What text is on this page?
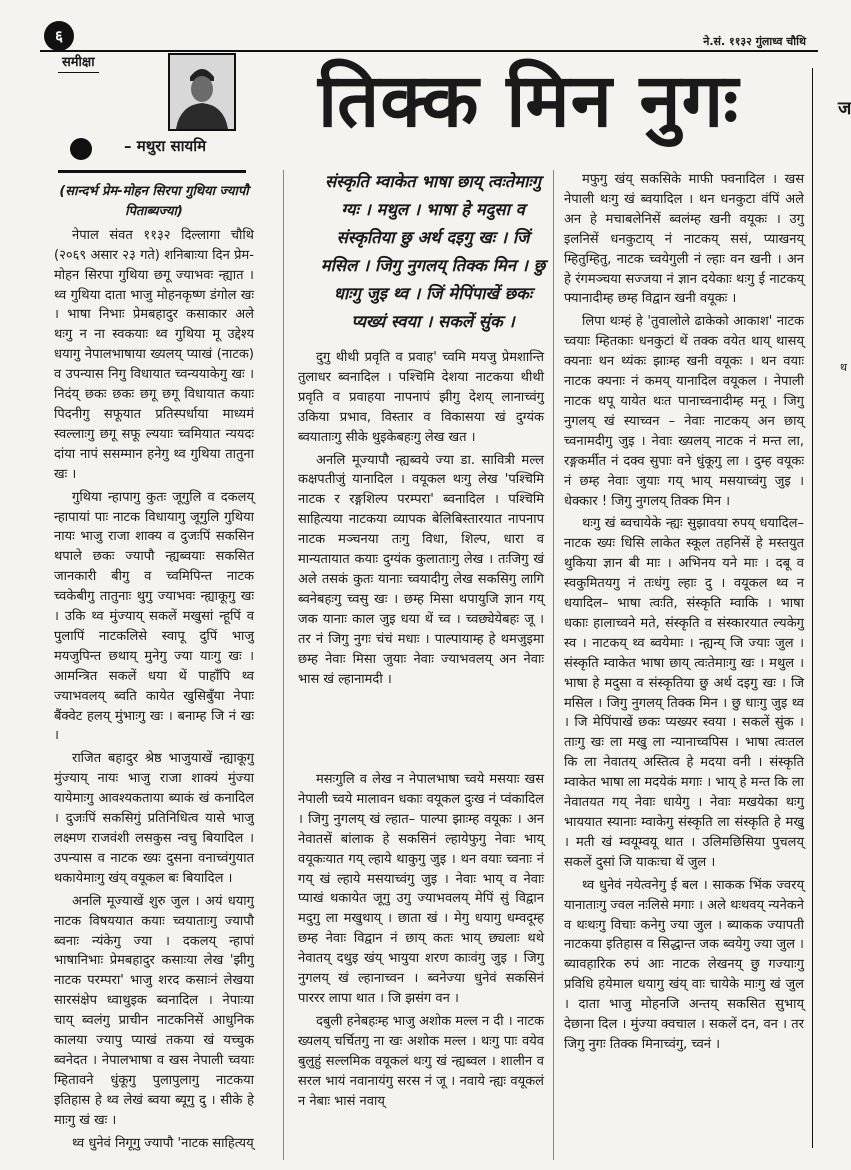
६	ने.सं. ११३२ गुंलाध्व चौथि
समीक्षा
– मथुरा सायमि
तिक्क मिन नुगः	ज
थ
संस्कृति म्वाकेत भाषा छाय् त्वःतेमाःगु ग्यः । मथुल । भाषा हे मदुसा व संस्कृतिया छु अर्थ दइगु खः । जिं मसिल । जिगु नुगलय् तिक्क मिन । छु धाःगु जुइ थ्व । जिं मेपिंपाखें छकः प्यख्यं स्वया । सकलें सुंक ।

(सान्दर्भ प्रेम-मोहन सिरपा गुथिया ज्यापौ पिताब्यज्या)

नेपाल संवत ११३२ दिल्लागा चौथि (२०६९ असार २३ गते) शनिबाःया दिन प्रेम-मोहन सिरपा गुथिया छगू ज्याभवः न्ह्यात । थ्व गुथिया दाता भाजु मोहनकृष्ण डंगोल खः । भाषा निभाः प्रेमबहादुर कसाकार अले थःगु न ना स्वकयाः थ्व गुथिया मू उद्देश्य धयागु नेपालभाषाया ख्यलय् प्याखं (नाटक) व उपन्यास निगु विधायात च्वन्ययाकेगु खः । निदंय् छकः छकः छगू छगू विधायात कयाः पिदनीगु सफूयात प्रतिस्पर्धाया माध्यमं स्वल्लाःगु छगू सफू ल्ययाः च्वमियात न्ययदः दांया नापं ससम्मान हनेगु थ्व गुथिया तातुना खः ।

गुथिया न्हापागु कुतः जूगुलि व दकलय् न्हापायां पाः नाटक विधायागु जूगुलि गुथिया नायः भाजु राजा शाक्य व दुजःपिं सकसिन थपाले छकः ज्यापौ न्ह्यब्वयाः सकसित जानकारी बीगु व च्वमिपिन्त नाटक च्वकेबीगु तातुनाः थुगु ज्याभवः न्ह्याकूगु खः । उकि थ्व मुंज्याय् सकलें मखुसां न्हूपिं व पुलापिं नाटकलिसे स्वापू दुपिं भाजु मयजुपिन्त छथाय् मुनेगु ज्या याःगु खः । आमन्त्रित सकलें धया थें पाहाँपि थ्व ज्याभवलय् ब्वति कायेत खुसिबुँया नेपाः बैंक्वेट हलय् मुंभाःगु खः । बनाम्ह जि नं खः ।

राजित बहादुर श्रेष्ठ भाजुयाखें न्ह्याकूगु मुंज्याय् नायः भाजु राजा शाक्यं मुंज्या यायेमाःगु आवश्यकताया ब्याकं खं कनादिल । दुजःपिं सकसिगुं प्रतिनिधित्व यासे भाजु लक्ष्मण राजवंशी लसकुस न्वचु बियादिल । उपन्यास व नाटक ख्यः दुसना वनाच्वंगुयात थकायेमाःगु खंय् वयूकल बः बियादिल ।

अनलि मूज्याखें शुरु जुल । अयं धयागु नाटक विषययात कयाः च्वयाताःगु ज्यापौ ब्वनाः न्यंकेगु ज्या । दकलय् न्हापां भाषानिभाः प्रेमबहादुर कसाःया लेख 'झीगु नाटक परम्परा' भाजु शरद कसाःनं लेखया सारसंक्षेप ध्वाथुइक ब्वनादिल । नेपाःया चाय् ब्वलंगु प्राचीन नाटकनिसें आधुनिक कालया ज्यापु प्याखं तकया खं यच्चुक ब्वनेदत । नेपालभाषा व खस नेपाली च्वयाः म्हितावने धुंकूगु पुलापुलागु नाटकया इतिहास हे थ्व लेखं ब्वया ब्यूगु दु । सीके हे माःगु खं खः ।

थ्व धुनेवं निगूगु ज्यापौ 'नाटक साहित्यय्

दुगु थीथी प्रवृति व प्रवाह' च्वमि मयजु प्रेमशान्ति तुलाधर ब्वनादिल । पश्चिमि देशया नाटकया थीथी प्रवृति व प्रवाहया नापनापं झीगु देशय् लानाच्वंगु उकिया प्रभाव, विस्तार व विकासया खं दुग्यंक ब्वयाताःगु सीके थुइकेबहःगु लेख खत ।

अनलि मूज्यापौ न्ह्यब्वये ज्या डा. सावित्री मल्ल कक्षपतीजुं यानादिल । वयूकल थःगु लेख 'पश्चिमि नाटक र रङ्गशिल्प परम्परा' ब्वनादिल । पश्चिमि साहित्यया नाटकया व्यापक बेलिबिस्तारयात नापनाप नाटक मञ्चनया तःगु विधा, शिल्प, धारा व मान्यतायात कयाः दुग्यंक कुलाताःगु लेख । तःजिगु खं अले तसकं कुतः यानाः च्वयादीगु लेख सकसिगु लागि ब्वनेबहःगु च्वसु खः । छम्ह मिसा थपायुजि ज्ञान गय् जक यानाः काल जुइ धया थें च्व । च्वछ्येयेबहः जू । तर नं जिगु नुगः चंचं मधाः । पाल्पायाम्ह हे थमजुइमा छम्ह नेवाः मिसा जुयाः नेवाः ज्याभवलय् अन नेवाः भास खं ल्हानामदी ।

मसःगुलि व लेख न नेपालभाषा च्वये मसयाः खस नेपाली च्वये मालावन धकाः वयूकल दुःख नं प्वंकादिल । जिगु नुगलय् खं ल्हात– पाल्पा झाःम्ह वयूकः । अन नेवातसें बांलाक हे सकसिनं ल्हायेफुगु नेवाः भाय् वयूकःयात गय् ल्हाये थाकुगु जुइ । थन वयाः च्वनाः नं गय् खं ल्हाये मसयाच्वंगु जुइ । नेवाः भाय् व नेवाः प्याखं थकायेत जूगु उगु ज्याभवलय् मेपिं सुं विद्वान मदुगु ला मखुथाय् । छाता खं । मेगु धयागु धम्वदूम्ह छम्ह नेवाः विद्वान नं छाय् कतः भाय् छ्यलाः थथे नेवातय् दथुइ खंय् भायुया शरण काःवंगु जुइ । जिगु नुगलय् खं ल्हानाच्वन । ब्वनेज्या धुनेवं सकसिनं पाररर लापा थात । जि झसंग वन ।

दबुली हनेबहःम्ह भाजु अशोक मल्ल न दी । नाटक ख्यलय् चर्चितगु ना खः अशोक मल्ल । थःगु पाः वयेव बुलुहुं सल्लमिक वयूकलं थःगु खं न्ह्यब्वल । शालीन व सरल भायं नवानायंगु सरस नं जू । नवाये न्ह्यः वयूकलं न नेबाः भासं नवाय्

मफुगु खंय् सकसिके माफी फ्वनादिल । खस नेपाली थःगु खं ब्वयादिल । थन धनकुटा वंपिं अले अन हे मचाबलेनिसें ब्वलंम्ह खनी वयूकः । उगु इलनिसें धनकुटाय् नं नाटकय् ससं, प्याखनय् म्हितुम्हितु, नाटक च्वयेगुली नं ल्हाः वन खनी । अन हे रंगमञ्चया सज्जया नं ज्ञान दयेकाः थःगु ई नाटकय् फ्यानादीम्ह छम्ह विद्वान खनी वयूकः ।

लिपा थःम्हं हे 'तुवालोले ढाकेको आकाश' नाटक च्वयाः म्हितकाः धनकुटां थें तक्क वयेत थाय् थासय् क्यनाः थन थ्यंकः झाःम्ह खनी वयूकः । थन वयाः नाटक क्यनाः नं कमय् यानादिल वयूकल । नेपाली नाटक थपू यायेत थःत पानाच्वनादीम्ह मनू । जिगु नुगलय् खं स्याच्वन – नेवाः नाटकय् अन छाय् च्वनामदीगु जुइ । नेवाः ख्यलय् नाटक नं मन्त ला, रङ्गकर्मीत नं दक्व सुपाः वने धुंकूगु ला । दुम्ह वयूकः नं छम्ह नेवाः जुयाः गय् भाय् मसयाच्वंगु जुइ । धेक्कार ! जिगु नुगलय् तिक्क मिन ।

थःगु खं ब्वचायेके न्ह्यः सुझावया रुपय् धयादिल– नाटक ख्यः धिसि लाकेत स्कूल तहनिसें हे मस्तयुत थुकिया ज्ञान बी माः । अभिनय यने माः । दबू व स्वकुमितयगु नं तःधंगु ल्हाः दु । वयूकल थ्व न धयादिल– भाषा त्वःति, संस्कृति म्वाकि । भाषा धकाः हालाच्वने मते, संस्कृति व संस्कारयात ल्यकेगु स्व । नाटकय् थ्व ब्वयेमाः । न्ह्यन्य् जि ज्याः जुल । संस्कृति म्वाकेत भाषा छाय् त्वःतेमाःगु खः । मथुल । भाषा हे मदुसा व संस्कृतिया छु अर्थ दइगु खः । जि मसिल । जिगु नुगलय् तिक्क मिन । छु धाःगु जुइ थ्व । जि मेपिंपाखें छकः प्यख्यर स्वया । सकलें सुंक । ताःगु खः ला मखु ला न्यानाच्वपिस । भाषा त्वःतल कि ला नेवातय् अस्तित्व हे मदया वनी । संस्कृति म्वाकेत भाषा ला मदयेकं मगाः । भाय् हे मन्त कि ला नेवातयत गय् नेवाः धायेगु । नेवाः मखयेका थःगु भाययात स्यानाः म्वाकेगु संस्कृति ला संस्कृति हे मखु । मती खं म्वयूम्वयू थात । उलिमछिसिया पुचलय् सकलें दुसां जि याकःचा थें जुल ।

थ्व धुनेवं नयेत्वनेगु ई बल । साकक भिंक ज्वरय् यानाताःगु ज्वल नःलिसे मगाः । अले थःथवय् न्यनेकने व थःथःगु विचाः कनेगु ज्या जुल । ब्याकक ज्यापती नाटकया इतिहास व सिद्धान्त जक ब्वयेगु ज्या जुल । ब्यावहारिक रुपं आः नाटक लेखनय् छु गज्याःगु प्रविधि हयेमाल धयागु खंय् वाः चायेके माःगु खं जुल । दाता भाजु मोहनजि अन्तय् सकसित सुभाय् देछाना दिल । मुंज्या क्वचाल । सकलें दन, वन । तर जिगु नुगः तिक्क मिनाच्वंगु, च्वनं ।
